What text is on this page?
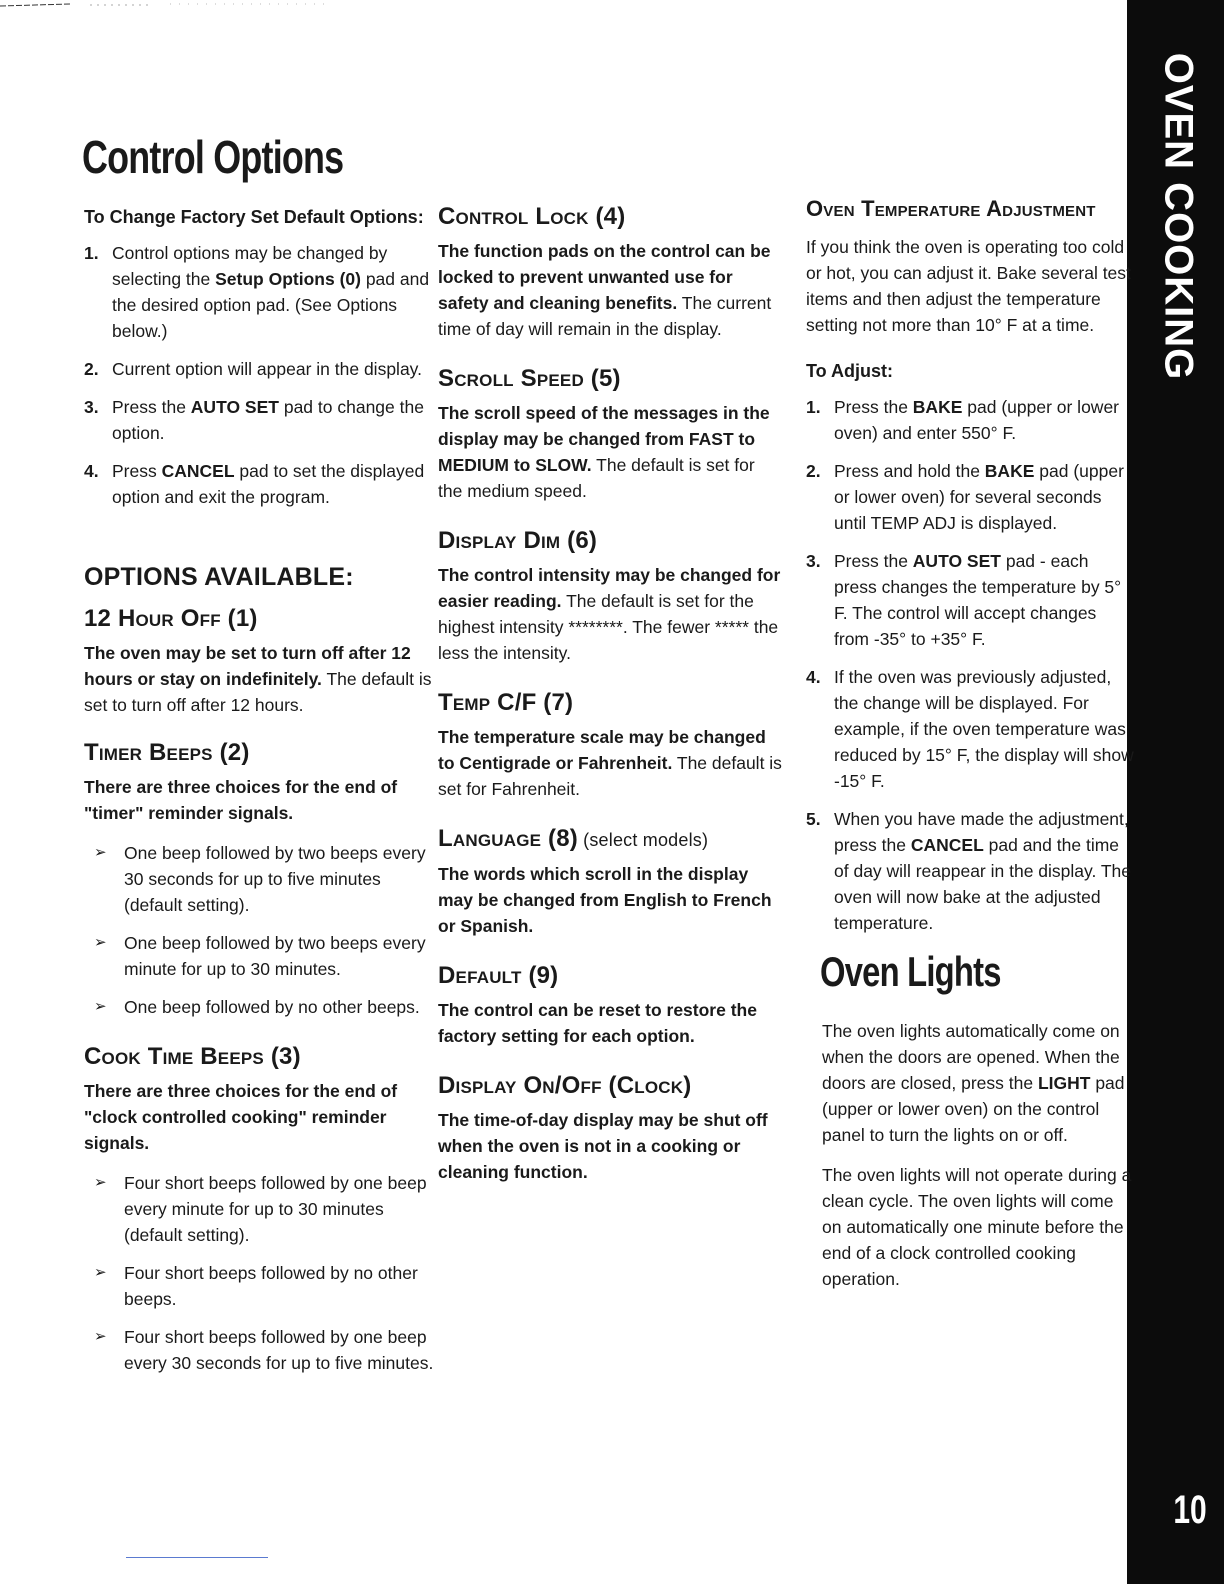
OVEN COOKING
10
Control Options
To Change Factory Set Default Options:
1. Control options may be changed by selecting the Setup Options (0) pad and the desired option pad. (See Options below.)
2. Current option will appear in the display.
3. Press the AUTO SET pad to change the option.
4. Press CANCEL pad to set the displayed option and exit the program.
OPTIONS AVAILABLE:
12 Hour Off (1)

The oven may be set to turn off after 12 hours or stay on indefinitely. The default is set to turn off after 12 hours.

Timer Beeps (2)

There are three choices for the end of "timer" reminder signals.

➢ One beep followed by two beeps every 30 seconds for up to five minutes (default setting).
➢ One beep followed by two beeps every minute for up to 30 minutes.
➢ One beep followed by no other beeps.
Cook Time Beeps (3)

There are three choices for the end of "clock controlled cooking" reminder signals.

➢ Four short beeps followed by one beep every minute for up to 30 minutes (default setting).
➢ Four short beeps followed by no other beeps.
➢ Four short beeps followed by one beep every 30 seconds for up to five minutes.
Control Lock (4)

The function pads on the control can be locked to prevent unwanted use for safety and cleaning benefits. The current time of day will remain in the display.

Scroll Speed (5)

The scroll speed of the messages in the display may be changed from FAST to MEDIUM to SLOW. The default is set for the medium speed.

Display Dim (6)

The control intensity may be changed for easier reading. The default is set for the highest intensity ********. The fewer ***** the less the intensity.

Temp C/F (7)

The temperature scale may be changed to Centigrade or Fahrenheit. The default is set for Fahrenheit.

Language (8) (select models)

The words which scroll in the display may be changed from English to French or Spanish.

Default (9)

The control can be reset to restore the factory setting for each option.

Display On/Off (Clock)

The time-of-day display may be shut off when the oven is not in a cooking or cleaning function.

Oven Temperature Adjustment

If you think the oven is operating too cold or hot, you can adjust it. Bake several test items and then adjust the temperature setting not more than 10° F at a time.

To Adjust:
1. Press the BAKE pad (upper or lower oven) and enter 550° F.
2. Press and hold the BAKE pad (upper or lower oven) for several seconds until TEMP ADJ is displayed.
3. Press the AUTO SET pad - each press changes the temperature by 5° F. The control will accept changes from -35° to +35° F.
4. If the oven was previously adjusted, the change will be displayed. For example, if the oven temperature was reduced by 15° F, the display will show -15° F.
5. When you have made the adjustment, press the CANCEL pad and the time of day will reappear in the display. The oven will now bake at the adjusted temperature.
Oven Lights

The oven lights automatically come on when the doors are opened. When the doors are closed, press the LIGHT pad (upper or lower oven) on the control panel to turn the lights on or off.

The oven lights will not operate during a clean cycle. The oven lights will come on automatically one minute before the end of a clock controlled cooking operation.
